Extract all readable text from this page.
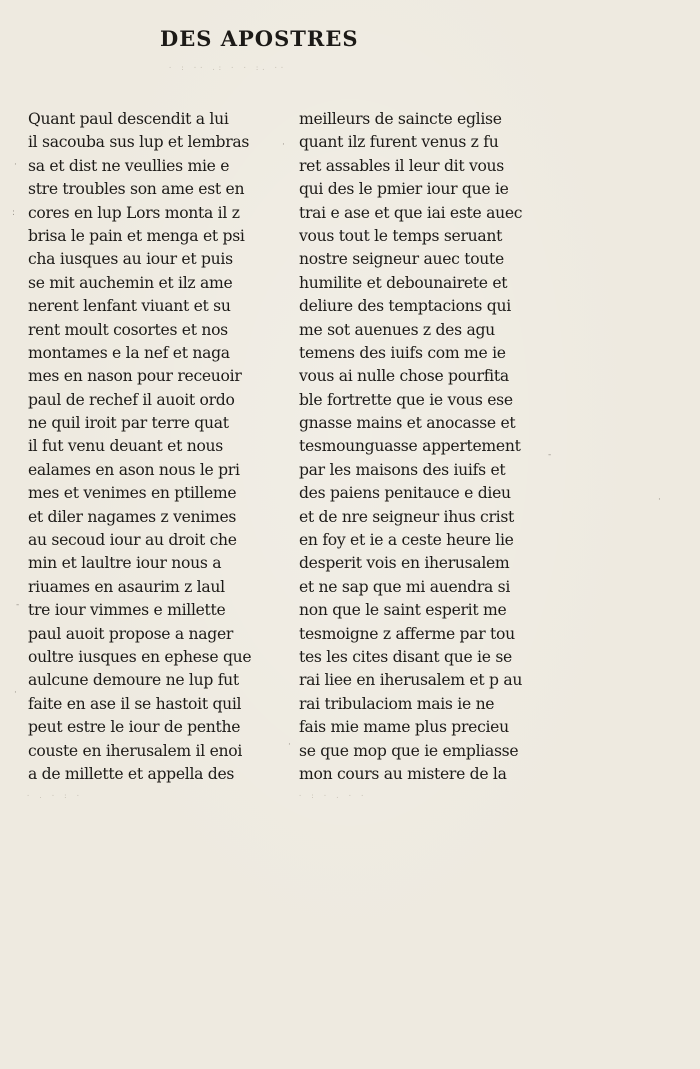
DES APOSTRES
· : ·· .: · · :. ··
Quant paul descendit a lui
il sacouba sus lup et lembras
sa et dist ne veullies mie e
stre troubles son ame est en
cores en lup Lors monta il z
brisa le pain et menga et psi
cha iusques au iour et puis
se mit auchemin et ilz ame
nerent lenfant viuant et su
rent moult cosortes et nos
montames e la nef et naga
mes en nason pour receuoir
paul de rechef il auoit ordo
ne quil iroit par terre quat
il fut venu deuant et nous
ealames en ason nous le pri
mes et venimes en ptilleme
et diler nagames z venimes
au secoud iour au droit che
min et laultre iour nous a
riuames en asaurim z laul
tre iour vimmes e millette
paul auoit propose a nager
oultre iusques en ephese que
aulcune demoure ne lup fut
faite en ase il se hastoit quil
peut estre le iour de penthe
couste en iherusalem il enoi
a de millette et appella des
meilleurs de saincte eglise
quant ilz furent venus z fu
ret assables il leur dit vous
qui des le pmier iour que ie
trai e ase et que iai este auec
vous tout le temps seruant
nostre seigneur auec toute
humilite et debounairete et
deliure des temptacions qui
me sot auenues z des agu
temens des iuifs com me ie
vous ai nulle chose pourfita
ble fortrette que ie vous ese
gnasse mains et anocasse et
tesmounguasse appertement
par les maisons des iuifs et
des paiens penitauce e dieu
et de nre seigneur ihus crist
en foy et ie a ceste heure lie
desperit vois en iherusalem
et ne sap que mi auendra si
non que le saint esperit me
tesmoigne z afferme par tou
tes les cites disant que ie se
rai liee en iherusalem et p au
rai tribulaciom mais ie ne
fais mie mame plus precieu
se que mop que ie empliasse
mon cours au mistere de la
·
:
-
·
·
·
-
·
· . · : ·	· : · . · ·
